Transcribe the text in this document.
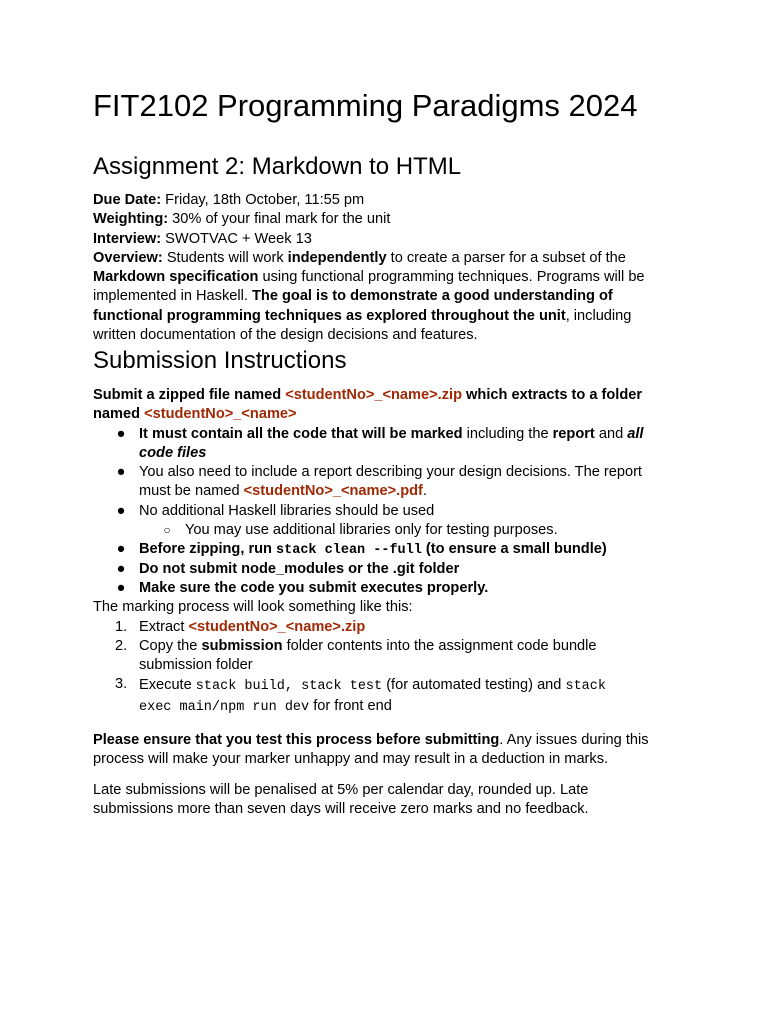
FIT2102 Programming Paradigms 2024
Assignment 2: Markdown to HTML
Due Date: Friday, 18th October, 11:55 pm
Weighting: 30% of your final mark for the unit
Interview: SWOTVAC + Week 13
Overview: Students will work independently to create a parser for a subset of the
Markdown specification using functional programming techniques. Programs will be
implemented in Haskell. The goal is to demonstrate a good understanding of
functional programming techniques as explored throughout the unit, including
written documentation of the design decisions and features.
Submission Instructions
Submit a zipped file named <studentNo>_<name>.zip which extracts to a folder
named <studentNo>_<name>
● It must contain all the code that will be marked including the report and all
code files
● You also need to include a report describing your design decisions. The report
must be named <studentNo>_<name>.pdf.
● No additional Haskell libraries should be used
○ You may use additional libraries only for testing purposes.
● Before zipping, run stack clean --full (to ensure a small bundle)
● Do not submit node_modules or the .git folder
● Make sure the code you submit executes properly.
The marking process will look something like this:
1. Extract <studentNo>_<name>.zip
2. Copy the submission folder contents into the assignment code bundle
submission folder
3. Execute stack build, stack test (for automated testing) and stack
exec main/npm run dev for front end
Please ensure that you test this process before submitting. Any issues during this
process will make your marker unhappy and may result in a deduction in marks.
Late submissions will be penalised at 5% per calendar day, rounded up. Late
submissions more than seven days will receive zero marks and no feedback.
